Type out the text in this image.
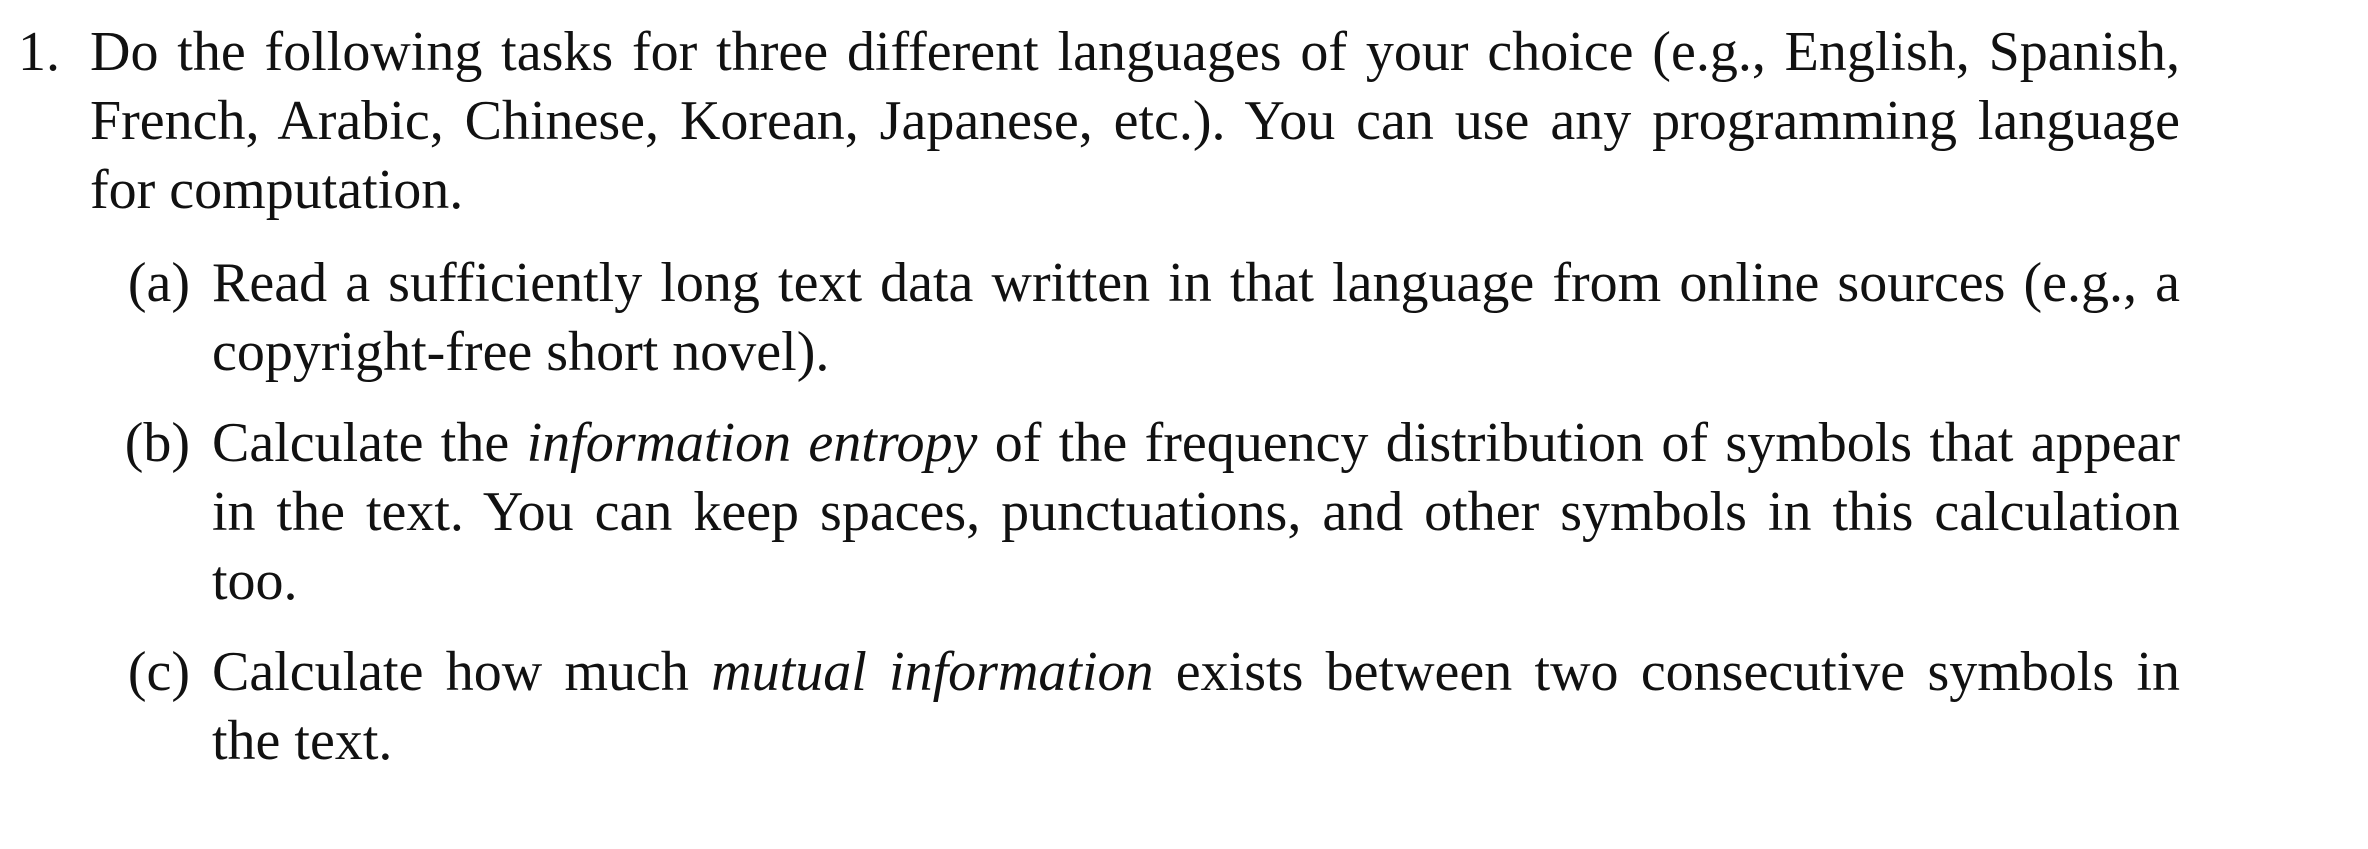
1. Do the following tasks for three different languages of your choice (e.g., English, Spanish,
French, Arabic, Chinese, Korean, Japanese, etc.). You can use any programming language
for computation.
(a) Read a sufficiently long text data written in that language from online sources (e.g., a
copyright-free short novel).
(b) Calculate the information entropy of the frequency distribution of symbols that appear
in the text. You can keep spaces, punctuations, and other symbols in this calculation
too.
(c) Calculate how much mutual information exists between two consecutive symbols in
the text.
